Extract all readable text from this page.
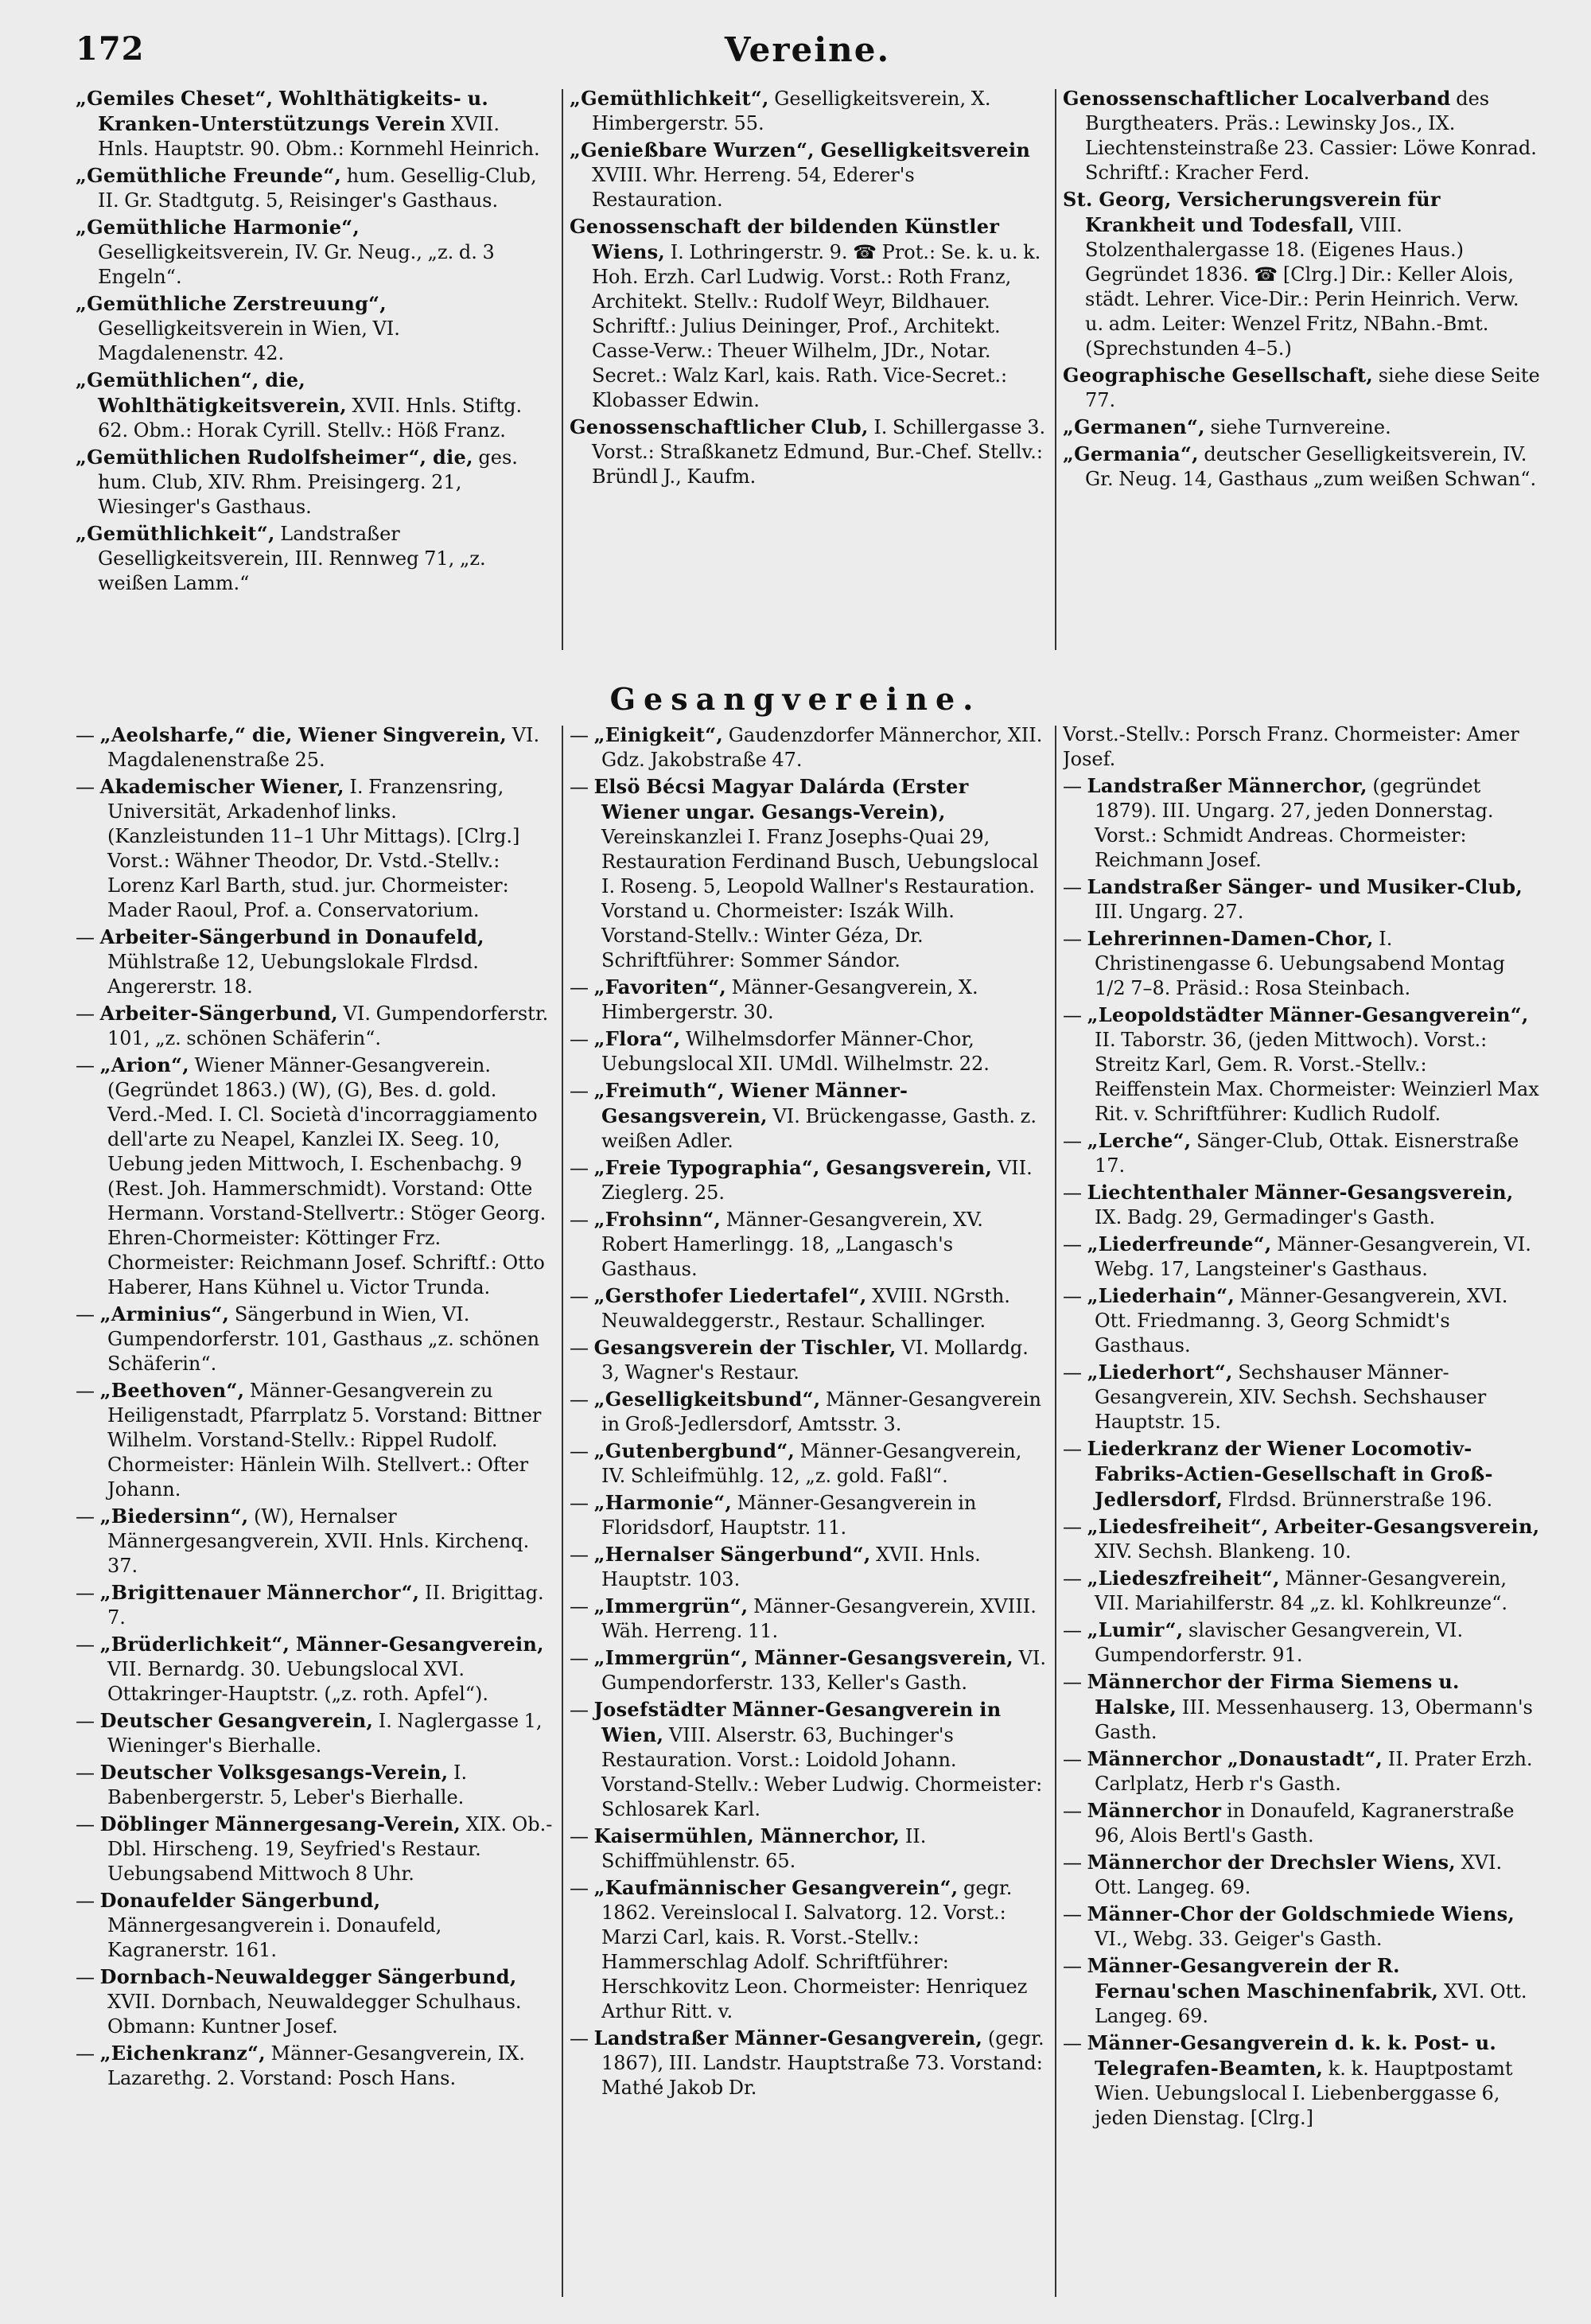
172	Vereine.

„Gemiles Cheset“, Wohlthätigkeits- u. Kranken-Unterstützungs Verein XVII. Hnls. Hauptstr. 90. Obm.: Kornmehl Heinrich.

„Gemüthliche Freunde“, hum. Gesellig-Club, II. Gr. Stadtgutg. 5, Reisinger's Gasthaus.

„Gemüthliche Harmonie“, Geselligkeitsverein, IV. Gr. Neug., „z. d. 3 Engeln“.

„Gemüthliche Zerstreuung“, Geselligkeitsverein in Wien, VI. Magdalenenstr. 42.

„Gemüthlichen“, die, Wohlthätigkeitsverein, XVII. Hnls. Stiftg. 62. Obm.: Horak Cyrill. Stellv.: Höß Franz.

„Gemüthlichen Rudolfsheimer“, die, ges. hum. Club, XIV. Rhm. Preisingerg. 21, Wiesinger's Gasthaus.

„Gemüthlichkeit“, Landstraßer Geselligkeitsverein, III. Rennweg 71, „z. weißen Lamm.“

„Gemüthlichkeit“, Geselligkeitsverein, X. Himbergerstr. 55.

„Genießbare Wurzen“, Geselligkeitsverein XVIII. Whr. Herreng. 54, Ederer's Restauration.

Genossenschaft der bildenden Künstler Wiens, I. Lothringerstr. 9. ☎ Prot.: Se. k. u. k. Hoh. Erzh. Carl Ludwig. Vorst.: Roth Franz, Architekt. Stellv.: Rudolf Weyr, Bildhauer. Schriftf.: Julius Deininger, Prof., Architekt. Casse-Verw.: Theuer Wilhelm, JDr., Notar. Secret.: Walz Karl, kais. Rath. Vice-Secret.: Klobasser Edwin.

Genossenschaftlicher Club, I. Schillergasse 3. Vorst.: Straßkanetz Edmund, Bur.-Chef. Stellv.: Bründl J., Kaufm.

Genossenschaftlicher Localverband des Burgtheaters. Präs.: Lewinsky Jos., IX. Liechtensteinstraße 23. Cassier: Löwe Konrad. Schriftf.: Kracher Ferd.

St. Georg, Versicherungsverein für Krankheit und Todesfall, VIII. Stolzenthalergasse 18. (Eigenes Haus.) Gegründet 1836. ☎ [Clrg.] Dir.: Keller Alois, städt. Lehrer. Vice-Dir.: Perin Heinrich. Verw. u. adm. Leiter: Wenzel Fritz, NBahn.-Bmt. (Sprechstunden 4–5.)

Geographische Gesellschaft, siehe diese Seite 77.

„Germanen“, siehe Turnvereine.

„Germania“, deutscher Geselligkeitsverein, IV. Gr. Neug. 14, Gasthaus „zum weißen Schwan“.

Gesangvereine.

— „Aeolsharfe,“ die, Wiener Singverein, VI. Magdalenenstraße 25.

— Akademischer Wiener, I. Franzensring, Universität, Arkadenhof links. (Kanzleistunden 11–1 Uhr Mittags). [Clrg.] Vorst.: Wähner Theodor, Dr. Vstd.-Stellv.: Lorenz Karl Barth, stud. jur. Chormeister: Mader Raoul, Prof. a. Conservatorium.

— Arbeiter-Sängerbund in Donaufeld, Mühlstraße 12, Uebungslokale Flrdsd. Angererstr. 18.

— Arbeiter-Sängerbund, VI. Gumpendorferstr. 101, „z. schönen Schäferin“.

— „Arion“, Wiener Männer-Gesangverein. (Gegründet 1863.) (W), (G), Bes. d. gold. Verd.-Med. I. Cl. Società d'incorraggiamento dell'arte zu Neapel, Kanzlei IX. Seeg. 10, Uebung jeden Mittwoch, I. Eschenbachg. 9 (Rest. Joh. Hammerschmidt). Vorstand: Otte Hermann. Vorstand-Stellvertr.: Stöger Georg. Ehren-Chormeister: Köttinger Frz. Chormeister: Reichmann Josef. Schriftf.: Otto Haberer, Hans Kühnel u. Victor Trunda.

— „Arminius“, Sängerbund in Wien, VI. Gumpendorferstr. 101, Gasthaus „z. schönen Schäferin“.

— „Beethoven“, Männer-Gesangverein zu Heiligenstadt, Pfarrplatz 5. Vorstand: Bittner Wilhelm. Vorstand-Stellv.: Rippel Rudolf. Chormeister: Hänlein Wilh. Stellvert.: Ofter Johann.

— „Biedersinn“, (W), Hernalser Männergesangverein, XVII. Hnls. Kirchenq. 37.

— „Brigittenauer Männerchor“, II. Brigittag. 7.

— „Brüderlichkeit“, Männer-Gesangverein, VII. Bernardg. 30. Uebungslocal XVI. Ottakringer-Hauptstr. („z. roth. Apfel“).

— Deutscher Gesangverein, I. Naglergasse 1, Wieninger's Bierhalle.

— Deutscher Volksgesangs-Verein, I. Babenbergerstr. 5, Leber's Bierhalle.

— Döblinger Männergesang-Verein, XIX. Ob.-Dbl. Hirscheng. 19, Seyfried's Restaur. Uebungsabend Mittwoch 8 Uhr.

— Donaufelder Sängerbund, Männergesangverein i. Donaufeld, Kagranerstr. 161.

— Dornbach-Neuwaldegger Sängerbund, XVII. Dornbach, Neuwaldegger Schulhaus. Obmann: Kuntner Josef.

— „Eichenkranz“, Männer-Gesangverein, IX. Lazarethg. 2. Vorstand: Posch Hans.

— „Einigkeit“, Gaudenzdorfer Männerchor, XII. Gdz. Jakobstraße 47.

— Elsö Bécsi Magyar Dalárda (Erster Wiener ungar. Gesangs-Verein), Vereinskanzlei I. Franz Josephs-Quai 29, Restauration Ferdinand Busch, Uebungslocal I. Roseng. 5, Leopold Wallner's Restauration. Vorstand u. Chormeister: Iszák Wilh. Vorstand-Stellv.: Winter Géza, Dr. Schriftführer: Sommer Sándor.

— „Favoriten“, Männer-Gesangverein, X. Himbergerstr. 30.

— „Flora“, Wilhelmsdorfer Männer-Chor, Uebungslocal XII. UMdl. Wilhelmstr. 22.

— „Freimuth“, Wiener Männer-Gesangsverein, VI. Brückengasse, Gasth. z. weißen Adler.

— „Freie Typographia“, Gesangsverein, VII. Zieglerg. 25.

— „Frohsinn“, Männer-Gesangverein, XV. Robert Hamerlingg. 18, „Langasch's Gasthaus.

— „Gersthofer Liedertafel“, XVIII. NGrsth. Neuwaldeggerstr., Restaur. Schallinger.

— Gesangsverein der Tischler, VI. Mollardg. 3, Wagner's Restaur.

— „Geselligkeitsbund“, Männer-Gesangverein in Groß-Jedlersdorf, Amtsstr. 3.

— „Gutenbergbund“, Männer-Gesangverein, IV. Schleifmühlg. 12, „z. gold. Faßl“.

— „Harmonie“, Männer-Gesangverein in Floridsdorf, Hauptstr. 11.

— „Hernalser Sängerbund“, XVII. Hnls. Hauptstr. 103.

— „Immergrün“, Männer-Gesangverein, XVIII. Wäh. Herreng. 11.

— „Immergrün“, Männer-Gesangsverein, VI. Gumpendorferstr. 133, Keller's Gasth.

— Josefstädter Männer-Gesangverein in Wien, VIII. Alserstr. 63, Buchinger's Restauration. Vorst.: Loidold Johann. Vorstand-Stellv.: Weber Ludwig. Chormeister: Schlosarek Karl.

— Kaisermühlen, Männerchor, II. Schiffmühlenstr. 65.

— „Kaufmännischer Gesangverein“, gegr. 1862. Vereinslocal I. Salvatorg. 12. Vorst.: Marzi Carl, kais. R. Vorst.-Stellv.: Hammerschlag Adolf. Schriftführer: Herschkovitz Leon. Chormeister: Henriquez Arthur Ritt. v.

— Landstraßer Männer-Gesangverein, (gegr. 1867), III. Landstr. Hauptstraße 73. Vorstand: Mathé Jakob Dr.

Vorst.-Stellv.: Porsch Franz. Chormeister: Amer Josef.

— Landstraßer Männerchor, (gegründet 1879). III. Ungarg. 27, jeden Donnerstag. Vorst.: Schmidt Andreas. Chormeister: Reichmann Josef.

— Landstraßer Sänger- und Musiker-Club, III. Ungarg. 27.

— Lehrerinnen-Damen-Chor, I. Christinengasse 6. Uebungsabend Montag 1/2 7–8. Präsid.: Rosa Steinbach.

— „Leopoldstädter Männer-Gesangverein“, II. Taborstr. 36, (jeden Mittwoch). Vorst.: Streitz Karl, Gem. R. Vorst.-Stellv.: Reiffenstein Max. Chormeister: Weinzierl Max Rit. v. Schriftführer: Kudlich Rudolf.

— „Lerche“, Sänger-Club, Ottak. Eisnerstraße 17.

— Liechtenthaler Männer-Gesangsverein, IX. Badg. 29, Germadinger's Gasth.

— „Liederfreunde“, Männer-Gesangverein, VI. Webg. 17, Langsteiner's Gasthaus.

— „Liederhain“, Männer-Gesangverein, XVI. Ott. Friedmanng. 3, Georg Schmidt's Gasthaus.

— „Liederhort“, Sechshauser Männer-Gesangverein, XIV. Sechsh. Sechshauser Hauptstr. 15.

— Liederkranz der Wiener Locomotiv-Fabriks-Actien-Gesellschaft in Groß-Jedlersdorf, Flrdsd. Brünnerstraße 196.

— „Liedesfreiheit“, Arbeiter-Gesangsverein, XIV. Sechsh. Blankeng. 10.

— „Liedeszfreiheit“, Männer-Gesangverein, VII. Mariahilferstr. 84 „z. kl. Kohlkreunze“.

— „Lumir“, slavischer Gesangverein, VI. Gumpendorferstr. 91.

— Männerchor der Firma Siemens u. Halske, III. Messenhauserg. 13, Obermann's Gasth.

— Männerchor „Donaustadt“, II. Prater Erzh. Carlplatz, Herb r's Gasth.

— Männerchor in Donaufeld, Kagranerstraße 96, Alois Bertl's Gasth.

— Männerchor der Drechsler Wiens, XVI. Ott. Langeg. 69.

— Männer-Chor der Goldschmiede Wiens, VI., Webg. 33. Geiger's Gasth.

— Männer-Gesangverein der R. Fernau'schen Maschinenfabrik, XVI. Ott. Langeg. 69.

— Männer-Gesangverein d. k. k. Post- u. Telegrafen-Beamten, k. k. Hauptpostamt Wien. Uebungslocal I. Liebenberggasse 6, jeden Dienstag. [Clrg.]
